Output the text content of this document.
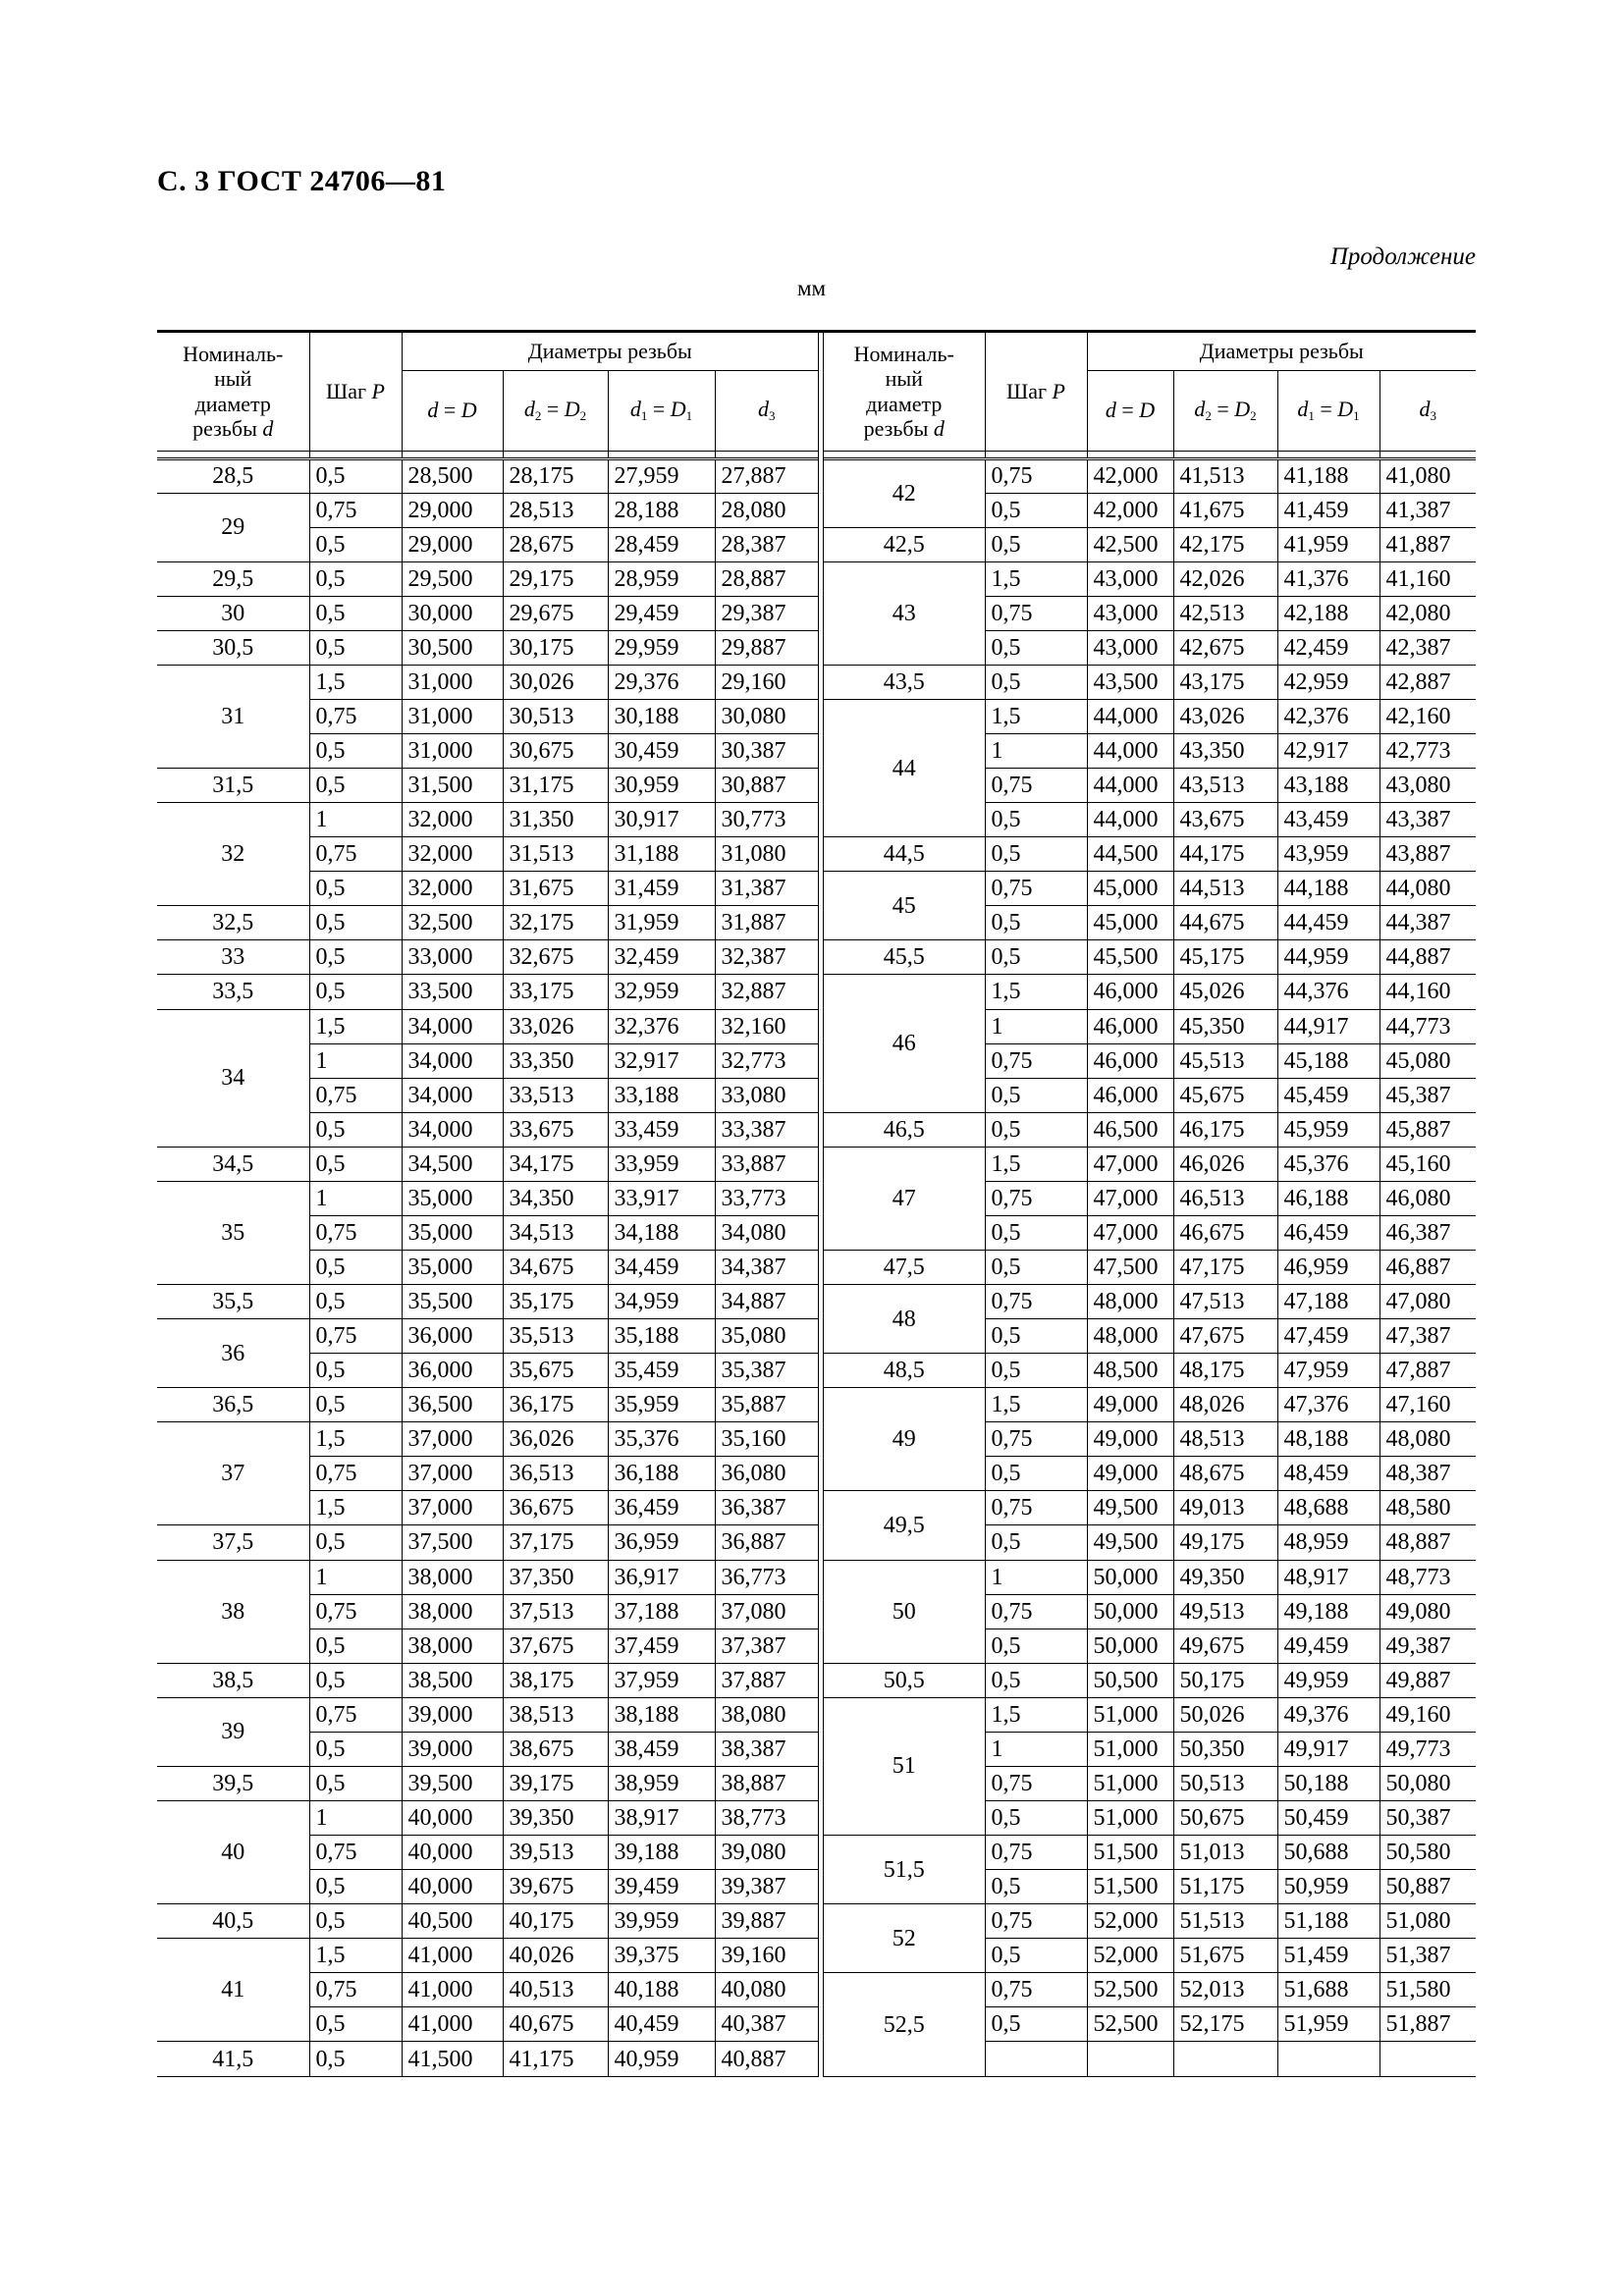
С. 3 ГОСТ 24706—81
Продолжение
мм
Номиналь-
ный
диаметр
резьбы d	Шаг P	Диаметры резьбы			
		d = D	$d_2 = D_2$	$d_1 = D_1$	$d_3$

28,5	0,5	28,500	28,175	27,959	27,887
29	0,75	29,000	28,513	28,188	28,080
	0,5	29,000	28,675	28,459	28,387
29,5	0,5	29,500	29,175	28,959	28,887
30	0,5	30,000	29,675	29,459	29,387
30,5	0,5	30,500	30,175	29,959	29,887
31	1,5	31,000	30,026	29,376	29,160
	0,75	31,000	30,513	30,188	30,080
	0,5	31,000	30,675	30,459	30,387
31,5	0,5	31,500	31,175	30,959	30,887
32	1	32,000	31,350	30,917	30,773
	0,75	32,000	31,513	31,188	31,080
	0,5	32,000	31,675	31,459	31,387
32,5	0,5	32,500	32,175	31,959	31,887
33	0,5	33,000	32,675	32,459	32,387
33,5	0,5	33,500	33,175	32,959	32,887
34	1,5	34,000	33,026	32,376	32,160
	1	34,000	33,350	32,917	32,773
	0,75	34,000	33,513	33,188	33,080
	0,5	34,000	33,675	33,459	33,387
34,5	0,5	34,500	34,175	33,959	33,887
35	1	35,000	34,350	33,917	33,773
	0,75	35,000	34,513	34,188	34,080
	0,5	35,000	34,675	34,459	34,387
35,5	0,5	35,500	35,175	34,959	34,887
36	0,75	36,000	35,513	35,188	35,080
	0,5	36,000	35,675	35,459	35,387
36,5	0,5	36,500	36,175	35,959	35,887
37	1,5	37,000	36,026	35,376	35,160
	0,75	37,000	36,513	36,188	36,080
	1,5	37,000	36,675	36,459	36,387
37,5	0,5	37,500	37,175	36,959	36,887
38	1	38,000	37,350	36,917	36,773
	0,75	38,000	37,513	37,188	37,080
	0,5	38,000	37,675	37,459	37,387
38,5	0,5	38,500	38,175	37,959	37,887
39	0,75	39,000	38,513	38,188	38,080
	0,5	39,000	38,675	38,459	38,387
39,5	0,5	39,500	39,175	38,959	38,887
40	1	40,000	39,350	38,917	38,773
	0,75	40,000	39,513	39,188	39,080
	0,5	40,000	39,675	39,459	39,387
40,5	0,5	40,500	40,175	39,959	39,887
41	1,5	41,000	40,026	39,375	39,160
	0,75	41,000	40,513	40,188	40,080
	0,5	41,000	40,675	40,459	40,387
41,5	0,5	41,500	41,175	40,959	40,887
Номиналь-
ный
диаметр
резьбы d	Шаг P	Диаметры резьбы			
		d = D	$d_2 = D_2$	$d_1 = D_1$	$d_3$

42	0,75	42,000	41,513	41,188	41,080
	0,5	42,000	41,675	41,459	41,387
42,5	0,5	42,500	42,175	41,959	41,887
43	1,5	43,000	42,026	41,376	41,160
	0,75	43,000	42,513	42,188	42,080
	0,5	43,000	42,675	42,459	42,387
43,5	0,5	43,500	43,175	42,959	42,887
44	1,5	44,000	43,026	42,376	42,160
	1	44,000	43,350	42,917	42,773
	0,75	44,000	43,513	43,188	43,080
	0,5	44,000	43,675	43,459	43,387
44,5	0,5	44,500	44,175	43,959	43,887
45	0,75	45,000	44,513	44,188	44,080
	0,5	45,000	44,675	44,459	44,387
45,5	0,5	45,500	45,175	44,959	44,887
46	1,5	46,000	45,026	44,376	44,160
	1	46,000	45,350	44,917	44,773
	0,75	46,000	45,513	45,188	45,080
	0,5	46,000	45,675	45,459	45,387
46,5	0,5	46,500	46,175	45,959	45,887
47	1,5	47,000	46,026	45,376	45,160
	0,75	47,000	46,513	46,188	46,080
	0,5	47,000	46,675	46,459	46,387
47,5	0,5	47,500	47,175	46,959	46,887
48	0,75	48,000	47,513	47,188	47,080
	0,5	48,000	47,675	47,459	47,387
48,5	0,5	48,500	48,175	47,959	47,887
49	1,5	49,000	48,026	47,376	47,160
	0,75	49,000	48,513	48,188	48,080
	0,5	49,000	48,675	48,459	48,387
49,5	0,75	49,500	49,013	48,688	48,580
	0,5	49,500	49,175	48,959	48,887
50	1	50,000	49,350	48,917	48,773
	0,75	50,000	49,513	49,188	49,080
	0,5	50,000	49,675	49,459	49,387
50,5	0,5	50,500	50,175	49,959	49,887
51	1,5	51,000	50,026	49,376	49,160
	1	51,000	50,350	49,917	49,773
	0,75	51,000	50,513	50,188	50,080
	0,5	51,000	50,675	50,459	50,387
51,5	0,75	51,500	51,013	50,688	50,580
	0,5	51,500	51,175	50,959	50,887
52	0,75	52,000	51,513	51,188	51,080
	0,5	52,000	51,675	51,459	51,387
52,5	0,75	52,500	52,013	51,688	51,580
	0,5	52,500	52,175	51,959	51,887
